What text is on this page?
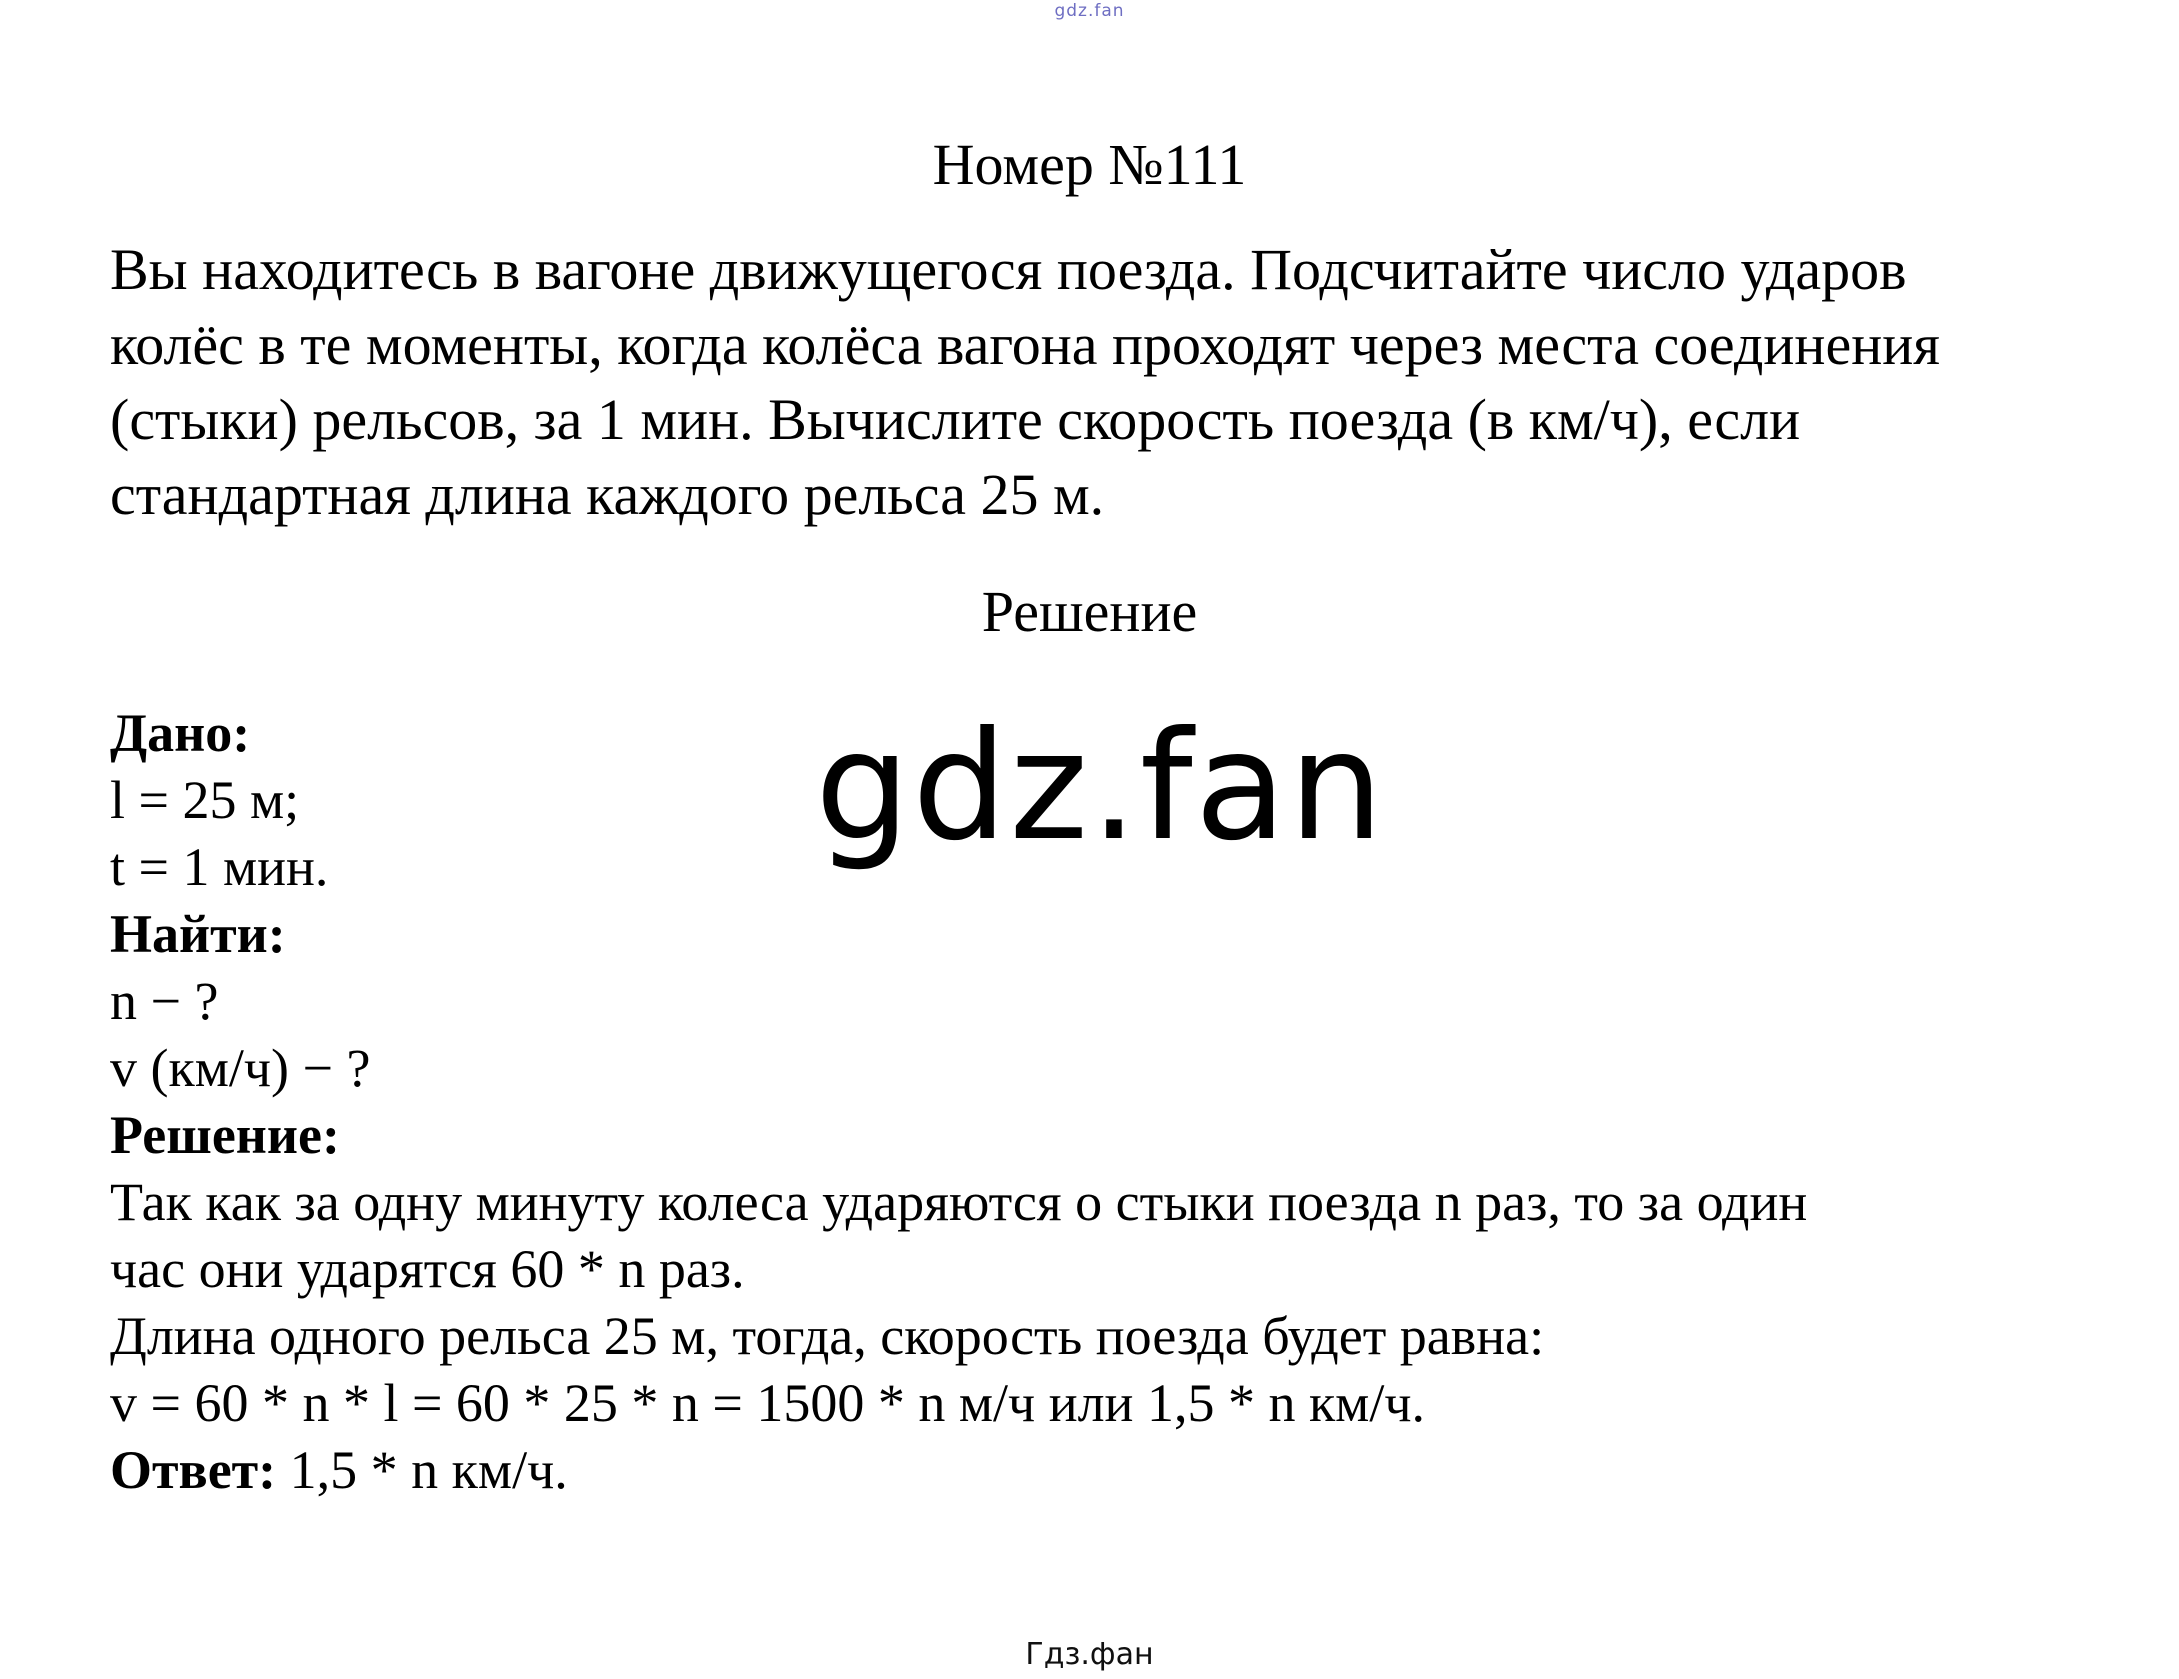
gdz.fan
Номер №111
Вы находитесь в вагоне движущегося поезда. Подсчитайте число ударов
колёс в те моменты, когда колёса вагона проходят через места соединения
(стыки) рельсов, за 1 мин. Вычислите скорость поезда (в км/ч), если
стандартная длина каждого рельса 25 м.
Решение
gdz.fan
Дано:
l = 25 м;
t = 1 мин.
Найти:
n − ?
v (км/ч) − ?
Решение:
Так как за одну минуту колеса ударяются о стыки поезда n раз, то за один
час они ударятся 60 * n раз.
Длина одного рельса 25 м, тогда, скорость поезда будет равна:
v = 60 * n * l = 60 * 25 * n = 1500 * n м/ч или 1,5 * n км/ч.
Ответ: 1,5 * n км/ч.
Гдз.фан
